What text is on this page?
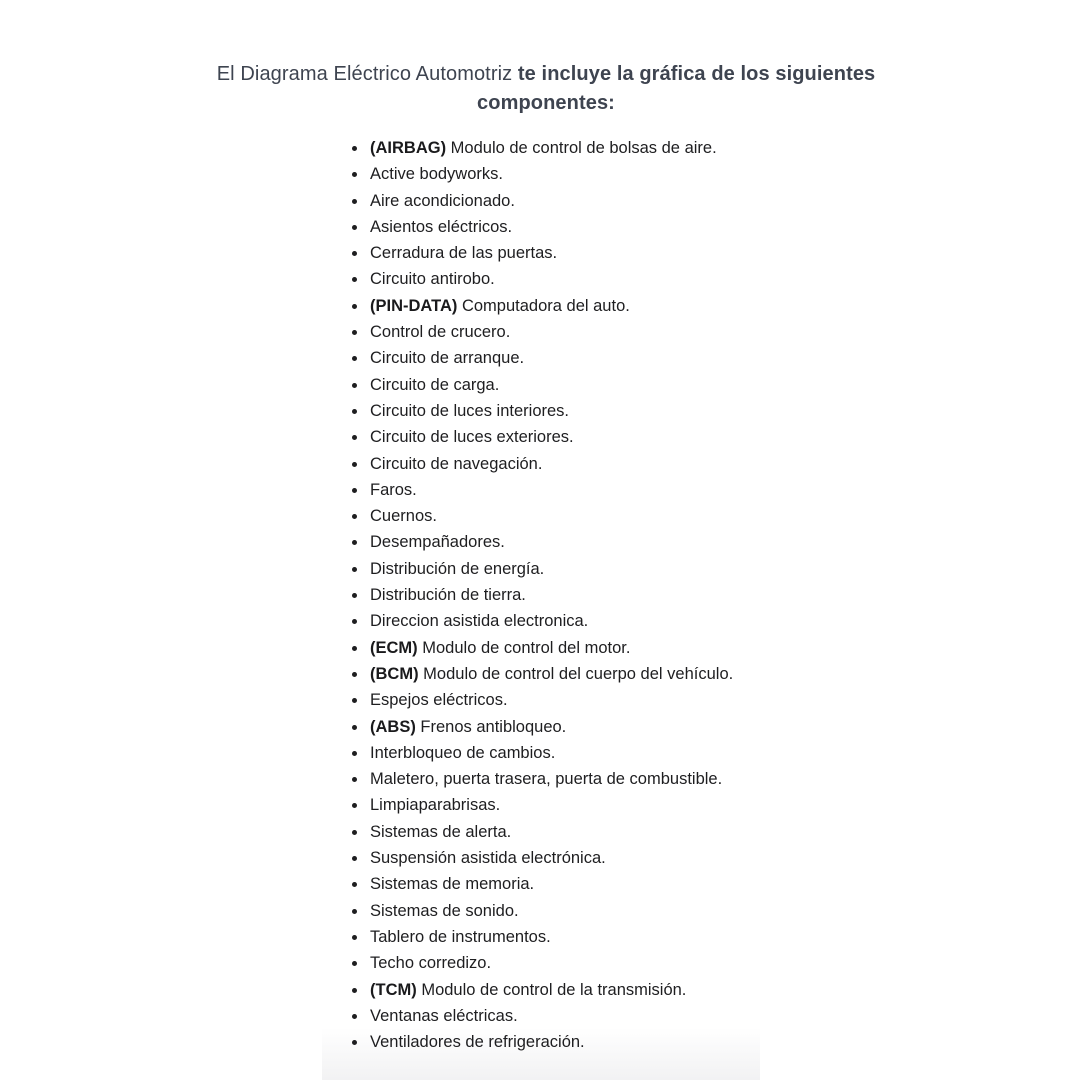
El Diagrama Eléctrico Automotriz te incluye la gráfica de los siguientes componentes:
• (AIRBAG) Modulo de control de bolsas de aire.
• Active bodyworks.
• Aire acondicionado.
• Asientos eléctricos.
• Cerradura de las puertas.
• Circuito antirobo.
• (PIN-DATA) Computadora del auto.
• Control de crucero.
• Circuito de arranque.
• Circuito de carga.
• Circuito de luces interiores.
• Circuito de luces exteriores.
• Circuito de navegación.
• Faros.
• Cuernos.
• Desempañadores.
• Distribución de energía.
• Distribución de tierra.
• Direccion asistida electronica.
• (ECM) Modulo de control del motor.
• (BCM) Modulo de control del cuerpo del vehículo.
• Espejos eléctricos.
• (ABS) Frenos antibloqueo.
• Interbloqueo de cambios.
• Maletero, puerta trasera, puerta de combustible.
• Limpiaparabrisas.
• Sistemas de alerta.
• Suspensión asistida electrónica.
• Sistemas de memoria.
• Sistemas de sonido.
• Tablero de instrumentos.
• Techo corredizo.
• (TCM) Modulo de control de la transmisión.
• Ventanas eléctricas.
• Ventiladores de refrigeración.
